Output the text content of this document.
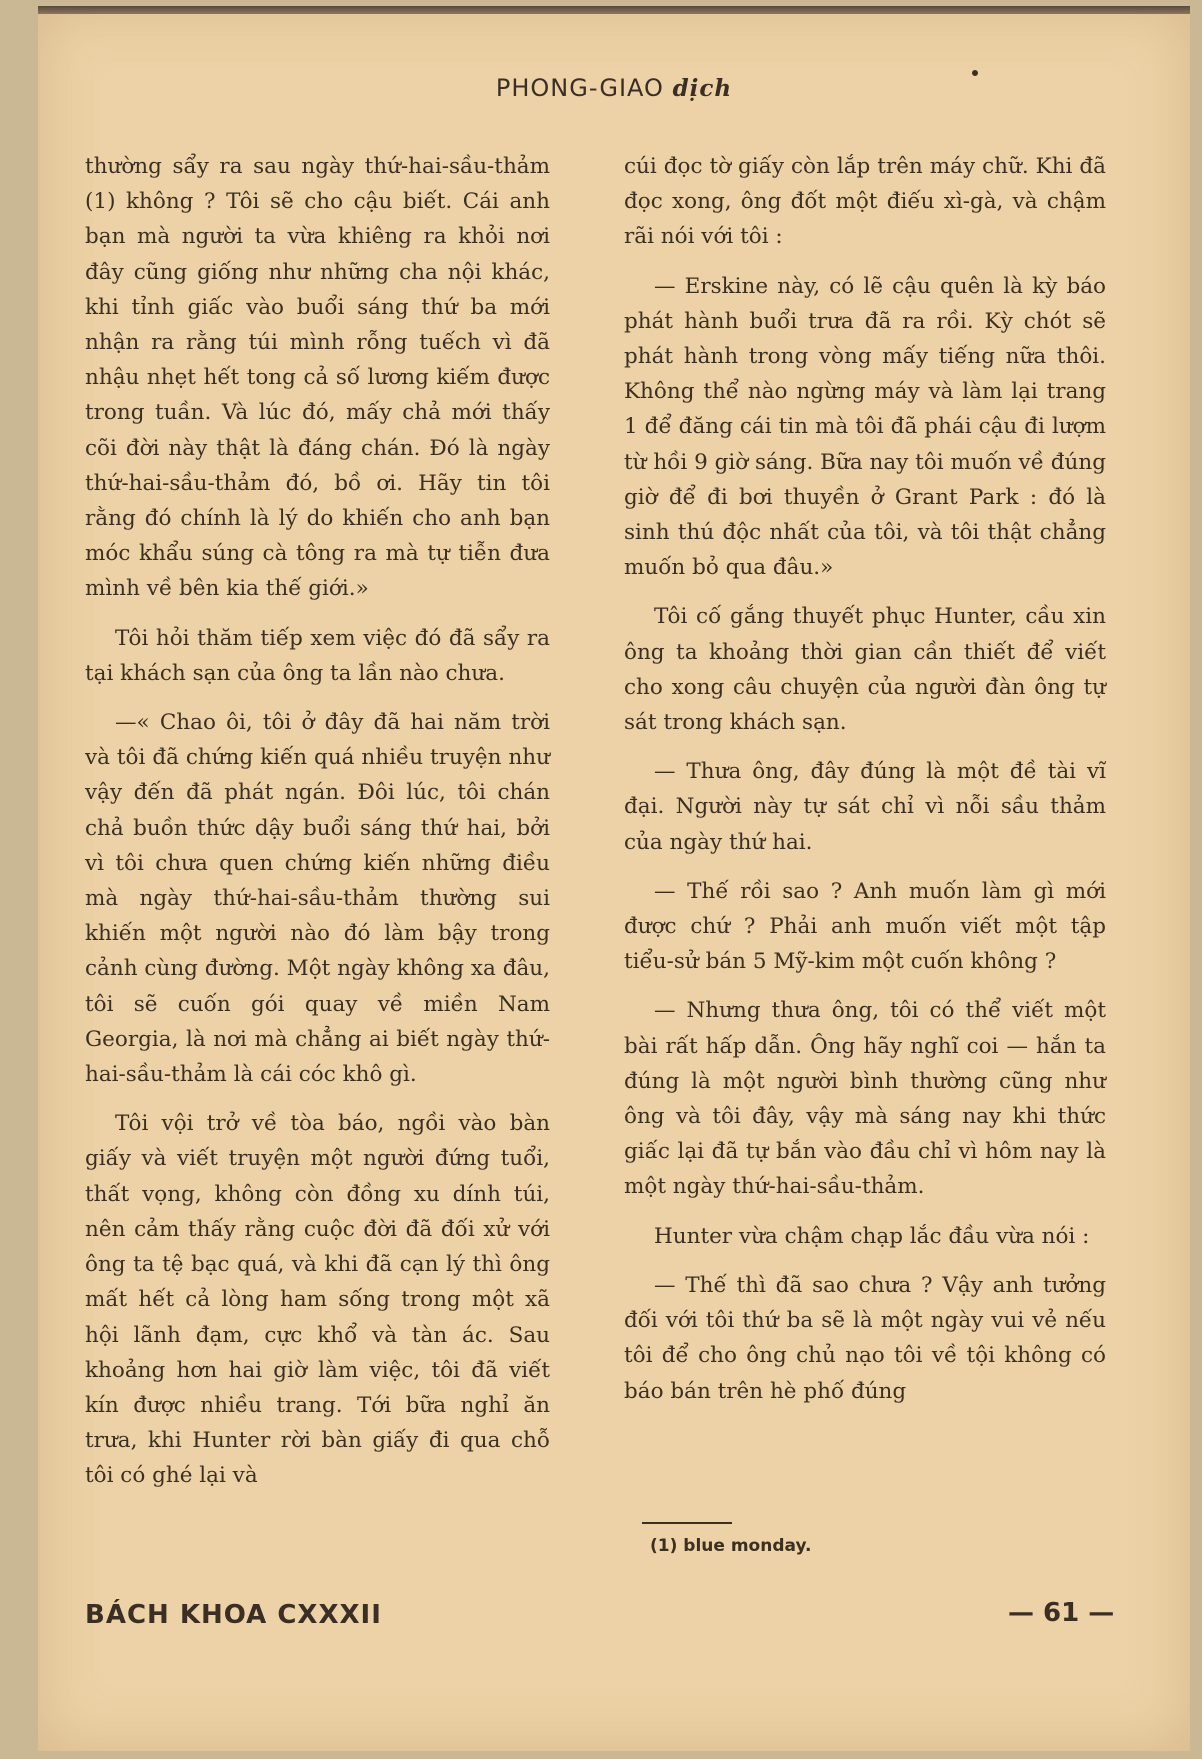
PHONG-GIAO dịch

thường sẩy ra sau ngày thứ-hai-sầu-thảm (1) không ? Tôi sẽ cho cậu biết. Cái anh bạn mà người ta vừa khiêng ra khỏi nơi đây cũng giống như những cha nội khác, khi tỉnh giấc vào buổi sáng thứ ba mới nhận ra rằng túi mình rỗng tuếch vì đã nhậu nhẹt hết tong cả số lương kiếm được trong tuần. Và lúc đó, mấy chả mới thấy cõi đời này thật là đáng chán. Đó là ngày thứ-hai-sầu-thảm đó, bồ ơi. Hãy tin tôi rằng đó chính là lý do khiến cho anh bạn móc khẩu súng cà tông ra mà tự tiễn đưa mình về bên kia thế giới.»

Tôi hỏi thăm tiếp xem việc đó đã sẩy ra tại khách sạn của ông ta lần nào chưa.

—« Chao ôi, tôi ở đây đã hai năm trời và tôi đã chứng kiến quá nhiều truyện như vậy đến đã phát ngán. Đôi lúc, tôi chán chả buồn thức dậy buổi sáng thứ hai, bởi vì tôi chưa quen chứng kiến những điều mà ngày thứ-hai-sầu-thảm thường sui khiến một người nào đó làm bậy trong cảnh cùng đường. Một ngày không xa đâu, tôi sẽ cuốn gói quay về miền Nam Georgia, là nơi mà chẳng ai biết ngày thứ-hai-sầu-thảm là cái cóc khô gì.

Tôi vội trở về tòa báo, ngồi vào bàn giấy và viết truyện một người đứng tuổi, thất vọng, không còn đồng xu dính túi, nên cảm thấy rằng cuộc đời đã đối xử với ông ta tệ bạc quá, và khi đã cạn lý thì ông mất hết cả lòng ham sống trong một xã hội lãnh đạm, cực khổ và tàn ác. Sau khoảng hơn hai giờ làm việc, tôi đã viết kín được nhiều trang. Tới bữa nghỉ ăn trưa, khi Hunter rời bàn giấy đi qua chỗ tôi có ghé lại và

cúi đọc tờ giấy còn lắp trên máy chữ. Khi đã đọc xong, ông đốt một điếu xì-gà, và chậm rãi nói với tôi :

— Erskine này, có lẽ cậu quên là kỳ báo phát hành buổi trưa đã ra rồi. Kỳ chót sẽ phát hành trong vòng mấy tiếng nữa thôi. Không thể nào ngừng máy và làm lại trang 1 để đăng cái tin mà tôi đã phái cậu đi lượm từ hồi 9 giờ sáng. Bữa nay tôi muốn về đúng giờ để đi bơi thuyền ở Grant Park : đó là sinh thú độc nhất của tôi, và tôi thật chẳng muốn bỏ qua đâu.»

Tôi cố gắng thuyết phục Hunter, cầu xin ông ta khoảng thời gian cần thiết để viết cho xong câu chuyện của người đàn ông tự sát trong khách sạn.

— Thưa ông, đây đúng là một đề tài vĩ đại. Người này tự sát chỉ vì nỗi sầu thảm của ngày thứ hai.

— Thế rồi sao ? Anh muốn làm gì mới được chứ ? Phải anh muốn viết một tập tiểu-sử bán 5 Mỹ-kim một cuốn không ?

— Nhưng thưa ông, tôi có thể viết một bài rất hấp dẫn. Ông hãy nghĩ coi — hắn ta đúng là một người bình thường cũng như ông và tôi đây, vậy mà sáng nay khi thức giấc lại đã tự bắn vào đầu chỉ vì hôm nay là một ngày thứ-hai-sầu-thảm.

Hunter vừa chậm chạp lắc đầu vừa nói :

— Thế thì đã sao chưa ? Vậy anh tưởng đối với tôi thứ ba sẽ là một ngày vui vẻ nếu tôi để cho ông chủ nạo tôi về tội không có báo bán trên hè phố đúng

(1) blue monday.
BÁCH KHOA CXXXII	— 61 —
